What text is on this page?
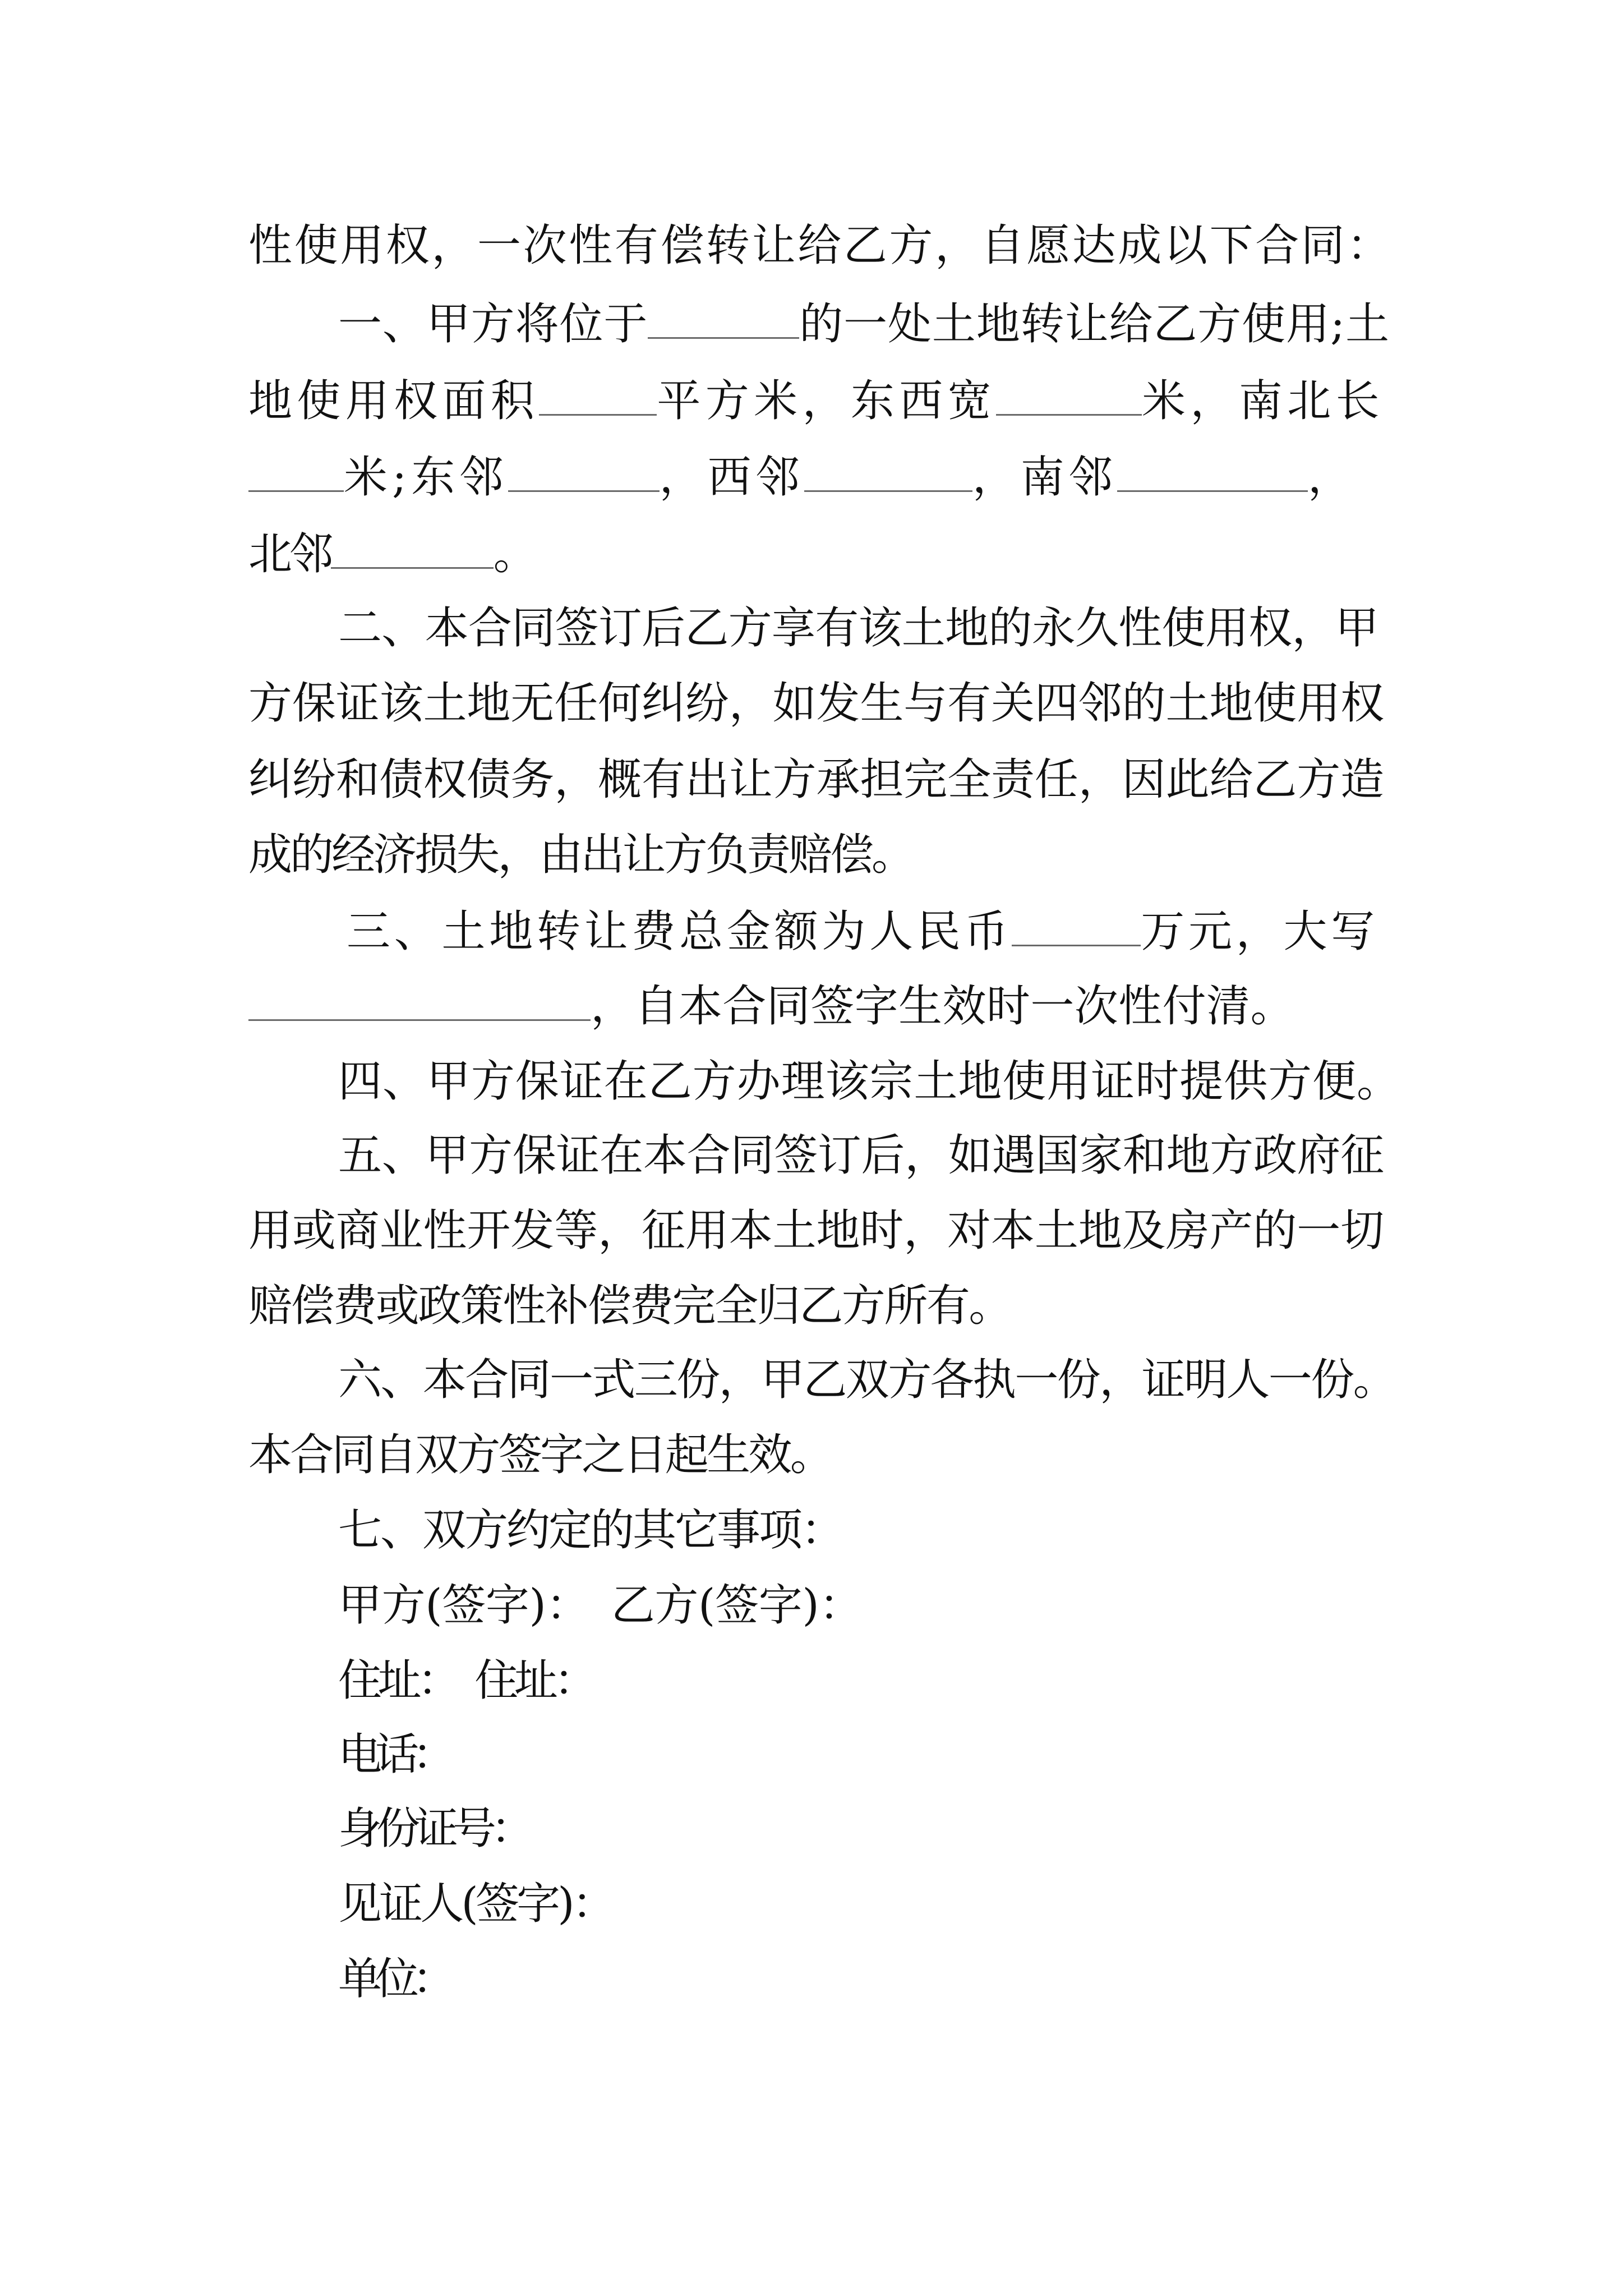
性使用权，一次性有偿转让给乙方，自愿达成以下合同：
一、甲方将位于	的一处土地转让给乙方使用;土
地使用权面积	平方米，东西宽	米，南北长
米;东邻	，西邻	，南邻	，
北邻	。
二、本合同签订后乙方享有该土地的永久性使用权，甲
方保证该土地无任何纠纷，如发生与有关四邻的土地使用权
纠纷和债权债务，概有出让方承担完全责任，因此给乙方造
成的经济损失，由出让方负责赔偿。
三、土地转让费总金额为人民币	万元，大写
，自本合同签字生效时一次性付清。
四、甲方保证在乙方办理该宗土地使用证时提供方便。
五、甲方保证在本合同签订后，如遇国家和地方政府征
用或商业性开发等，征用本土地时，对本土地及房产的一切
赔偿费或政策性补偿费完全归乙方所有。
六、本合同一式三份，甲乙双方各执一份，证明人一份。
本合同自双方签字之日起生效。
七、双方约定的其它事项：
甲方(签字)：　乙方(签字)：
住址：　住址：
电话：
身份证号：
见证人(签字)：
单位：
